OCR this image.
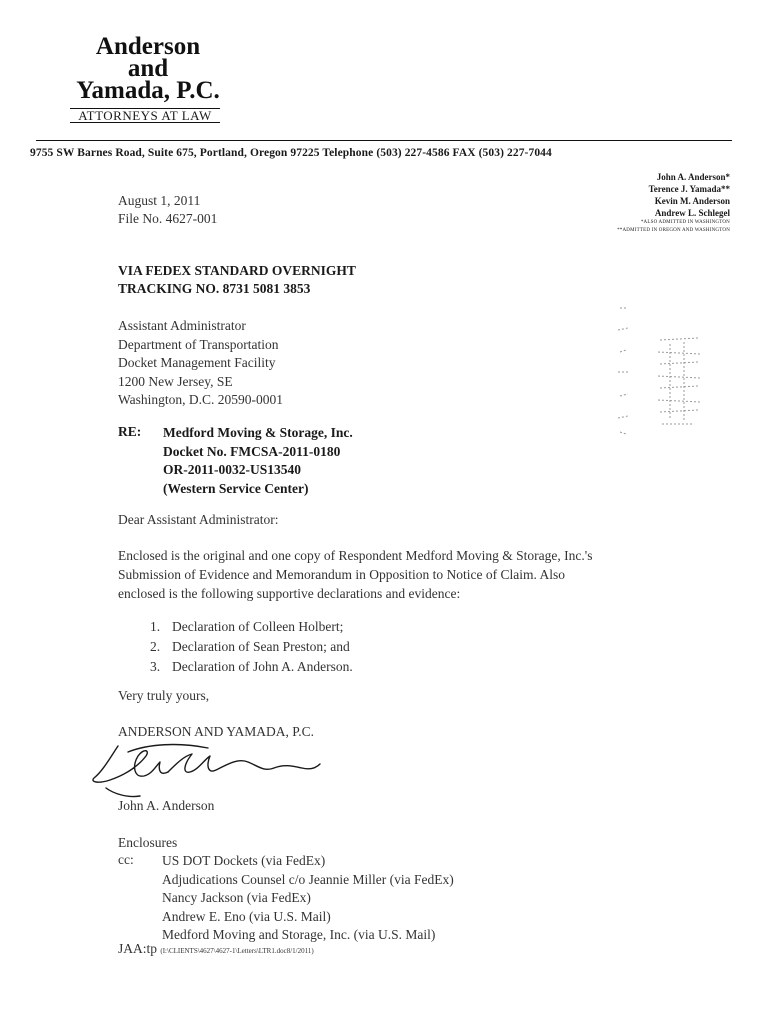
Anderson
and
Yamada, P.C.
ATTORNEYS AT LAW
9755 SW Barnes Road, Suite 675, Portland, Oregon 97225 Telephone (503) 227-4586 FAX (503) 227-7044
John A. Anderson*
Terence J. Yamada**
Kevin M. Anderson
Andrew L. Schlegel
*ALSO ADMITTED IN WASHINGTON
**ADMITTED IN OREGON AND WASHINGTON
August 1, 2011
File No. 4627-001
VIA FEDEX STANDARD OVERNIGHT
TRACKING NO. 8731 5081 3853
Assistant Administrator
Department of Transportation
Docket Management Facility
1200 New Jersey, SE
Washington, D.C. 20590-0001
RE: Medford Moving & Storage, Inc.
Docket No. FMCSA-2011-0180
OR-2011-0032-US13540
(Western Service Center)
Dear Assistant Administrator:
Enclosed is the original and one copy of Respondent Medford Moving & Storage, Inc.'s
Submission of Evidence and Memorandum in Opposition to Notice of Claim. Also
enclosed is the following supportive declarations and evidence:
1. Declaration of Colleen Holbert;
2. Declaration of Sean Preston; and
3. Declaration of John A. Anderson.
Very truly yours,
ANDERSON AND YAMADA, P.C.
John A. Anderson
Enclosures
cc: US DOT Dockets (via FedEx)
Adjudications Counsel c/o Jeannie Miller (via FedEx)
Nancy Jackson (via FedEx)
Andrew E. Eno (via U.S. Mail)
Medford Moving and Storage, Inc. (via U.S. Mail)
JAA:tp (I:\CLIENTS\4627\4627-1\Letters\LTR1.doc8/1/2011)
